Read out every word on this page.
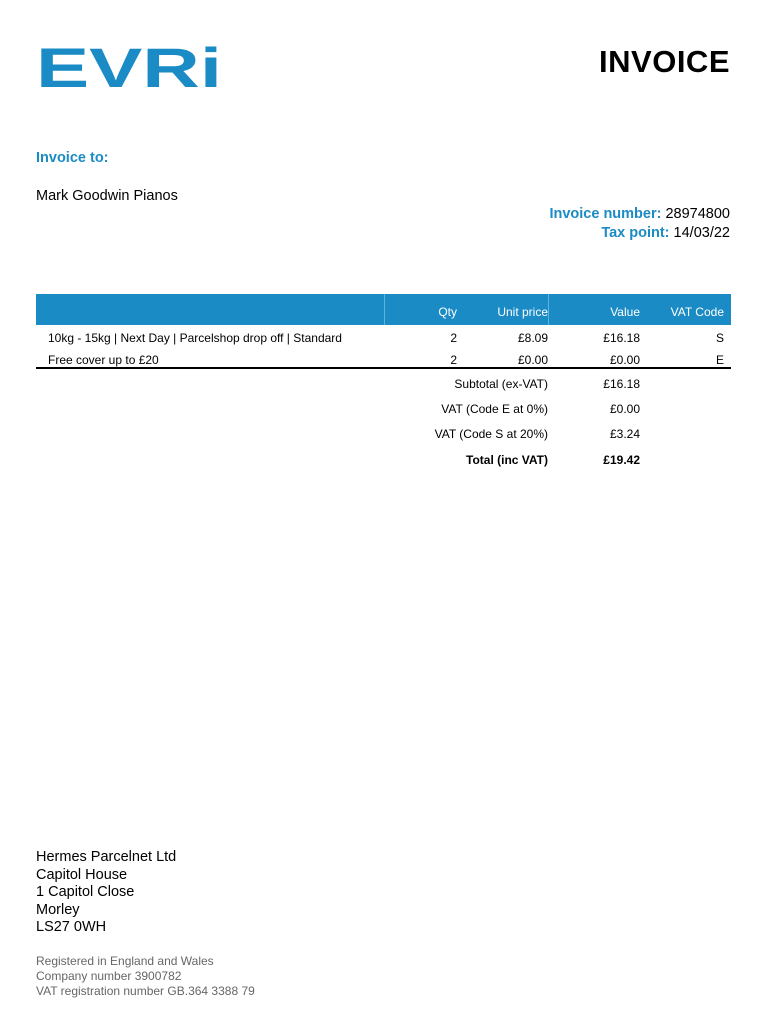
EVRi	INVOICE
Invoice to:
Mark Goodwin Pianos
Invoice number: 28974800
Tax point: 14/03/22
Qty	Unit price	Value	VAT Code
10kg - 15kg | Next Day | Parcelshop drop off | Standard	2	£8.09	£16.18	S
Free cover up to £20	2	£0.00	£0.00	E
Subtotal (ex-VAT)	£16.18
VAT (Code E at 0%)	£0.00
VAT (Code S at 20%)	£3.24
Total (inc VAT)	£19.42
Hermes Parcelnet Ltd
Capitol House
1 Capitol Close
Morley
LS27 0WH
Registered in England and Wales
Company number 3900782
VAT registration number GB.364 3388 79
